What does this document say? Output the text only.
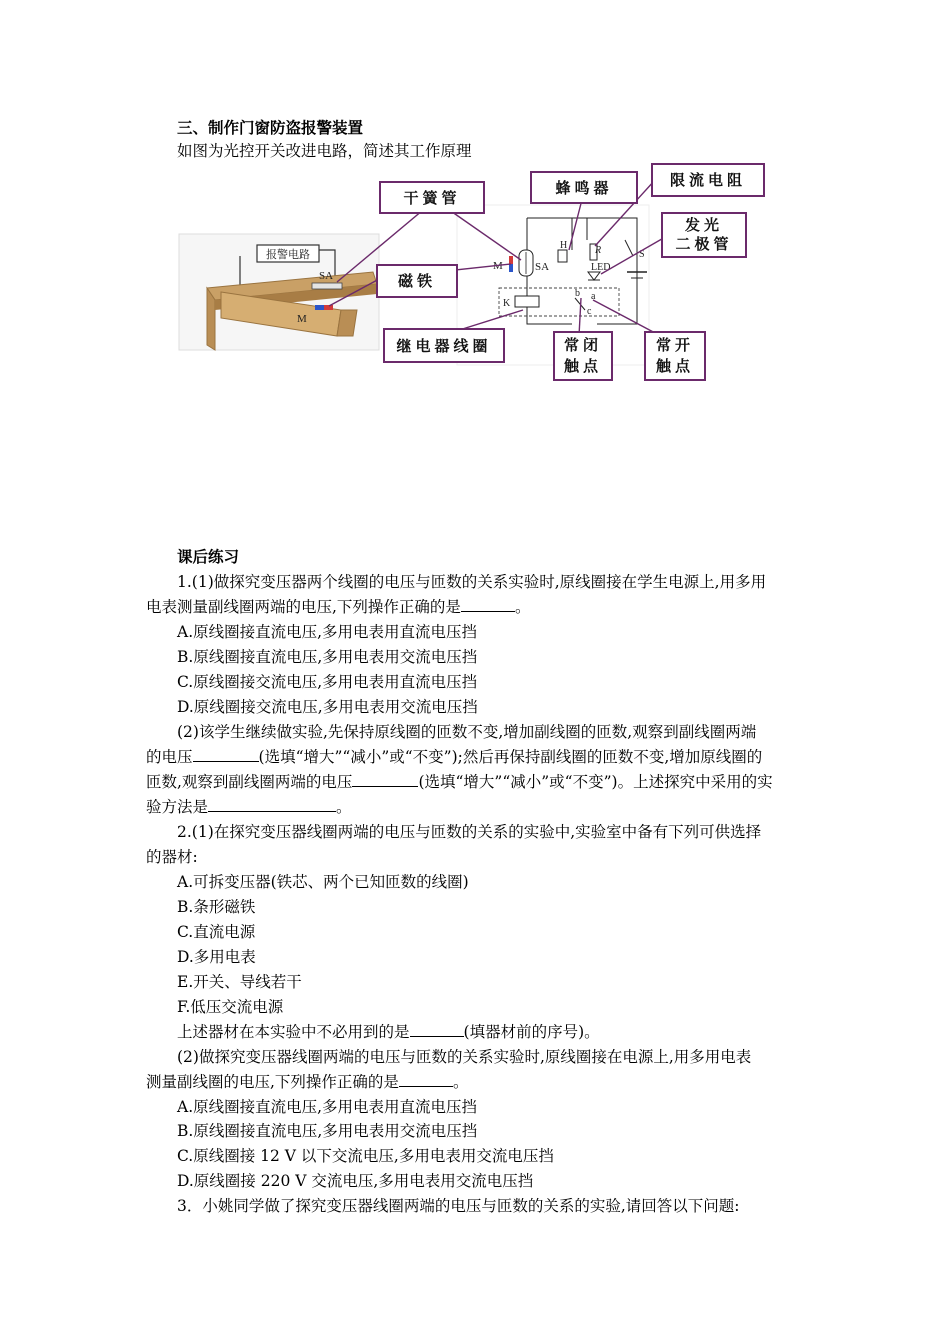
三、制作门窗防盗报警装置
如图为光控开关改进电路，简述其工作原理
报警电路
SA
M
SA
M
H	R
LED
S
K
b a
c
干簧管
蜂鸣器	限流电阻
发光
二极管
磁铁
继电器线圈	常闭
触点
常开
触点
课后练习
1.(1)做探究变压器两个线圈的电压与匝数的关系实验时,原线圈接在学生电源上,用多用
电表测量副线圈两端的电压,下列操作正确的是	。
A.原线圈接直流电压,多用电表用直流电压挡
B.原线圈接直流电压,多用电表用交流电压挡
C.原线圈接交流电压,多用电表用直流电压挡
D.原线圈接交流电压,多用电表用交流电压挡
(2)该学生继续做实验,先保持原线圈的匝数不变,增加副线圈的匝数,观察到副线圈两端
的电压	(选填“增大”“减小”或“不变”);然后再保持副线圈的匝数不变,增加原线圈的
匝数,观察到副线圈两端的电压	(选填“增大”“减小”或“不变”)。上述探究中采用的实
验方法是	。
2.(1)在探究变压器线圈两端的电压与匝数的关系的实验中,实验室中备有下列可供选择
的器材:
A.可拆变压器(铁芯、两个已知匝数的线圈)
B.条形磁铁
C.直流电源
D.多用电表
E.开关、导线若干
F.低压交流电源
上述器材在本实验中不必用到的是	(填器材前的序号)。
(2)做探究变压器线圈两端的电压与匝数的关系实验时,原线圈接在电源上,用多用电表
测量副线圈的电压,下列操作正确的是	。
A.原线圈接直流电压,多用电表用直流电压挡
B.原线圈接直流电压,多用电表用交流电压挡
C.原线圈接 12 V 以下交流电压,多用电表用交流电压挡
D.原线圈接 220 V 交流电压,多用电表用交流电压挡
3．小姚同学做了探究变压器线圈两端的电压与匝数的关系的实验,请回答以下问题:
